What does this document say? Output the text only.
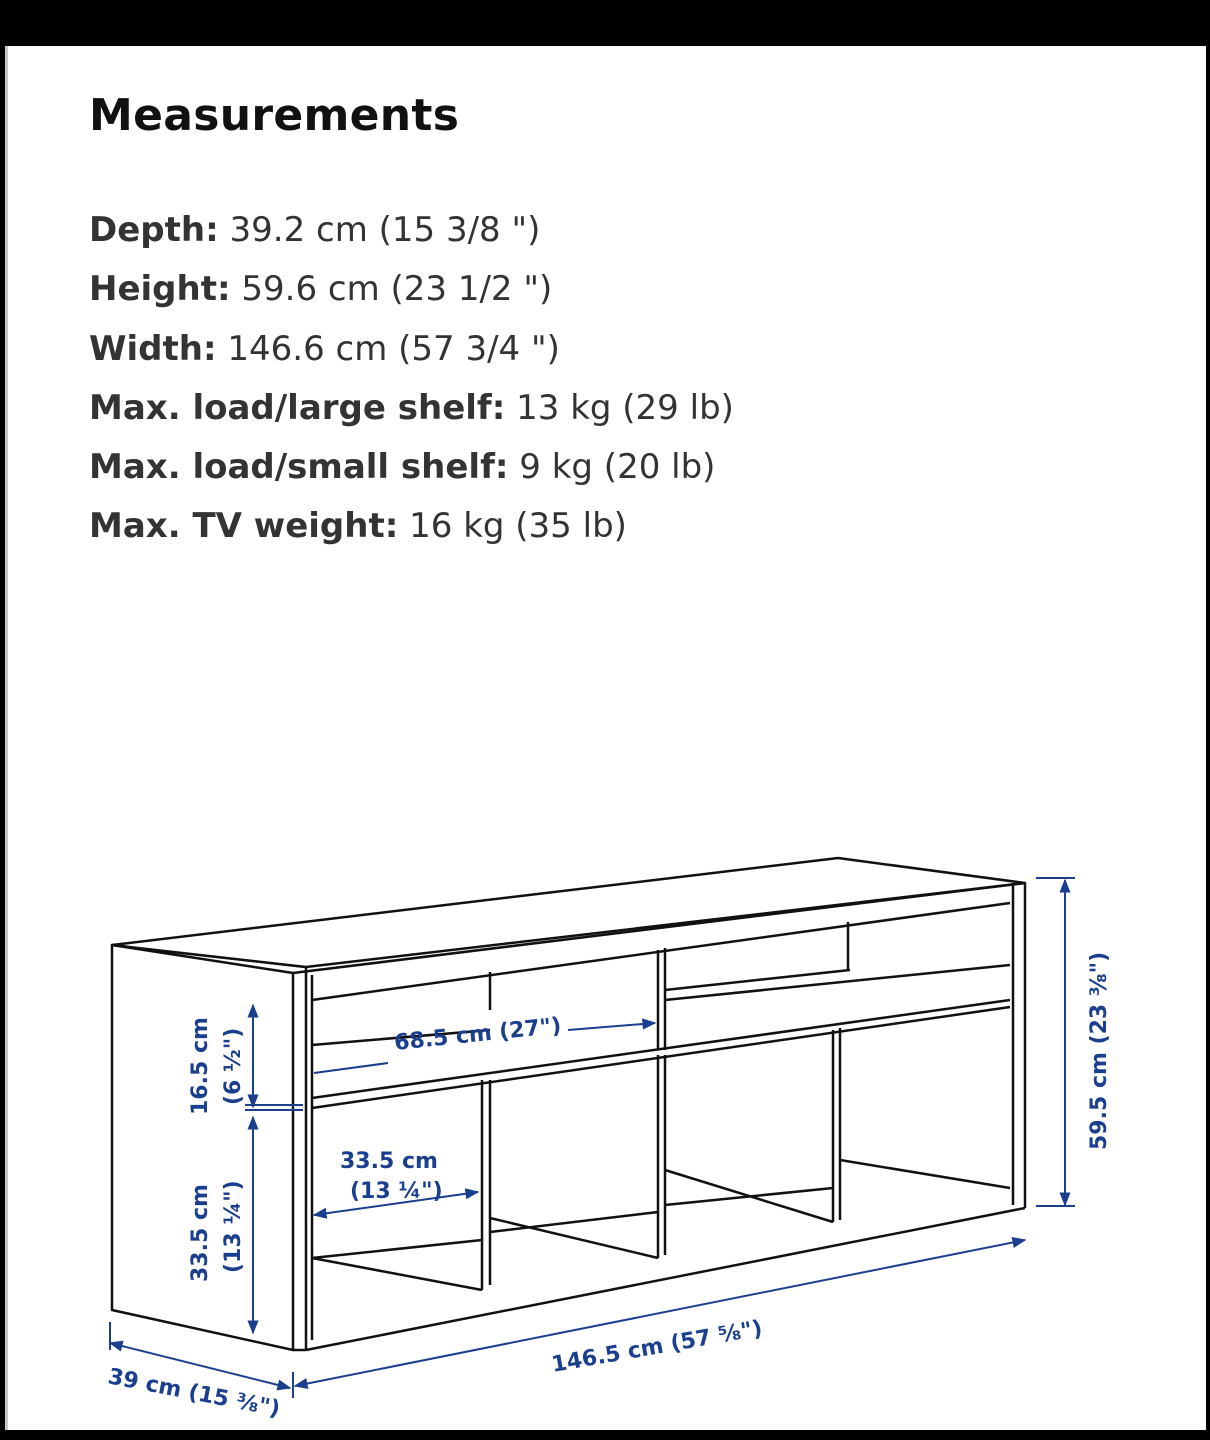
Measurements
Depth: 39.2 cm (15 3/8 ")
Height: 59.6 cm (23 1/2 ")
Width: 146.6 cm (57 3/4 ")
Max. load/large shelf: 13 kg (29 lb)
Max. load/small shelf: 9 kg (20 lb)
Max. TV weight: 16 kg (35 lb)
16.5 cm (6 ½")
33.5 cm (13 ¼")
68.5 cm (27")
33.5 cm
(13 ¼")
59.5 cm (23 ⅜")
146.5 cm (57 ⅝")
39 cm (15 ⅜")
